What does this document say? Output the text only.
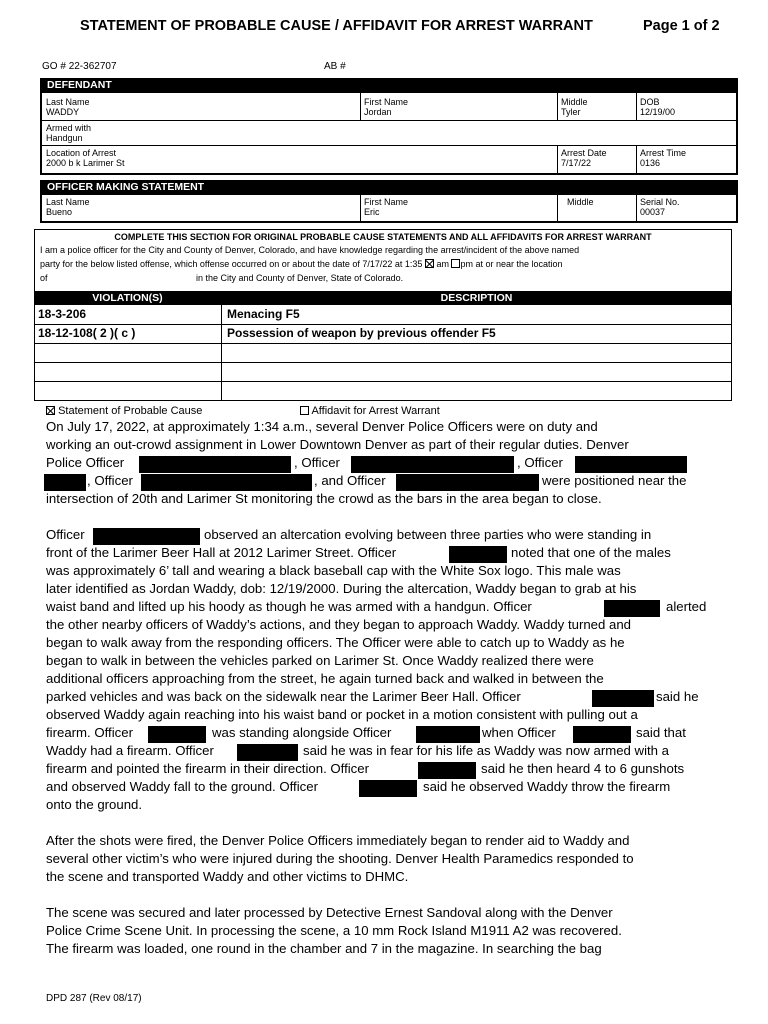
STATEMENT OF PROBABLE CAUSE / AFFIDAVIT FOR ARREST WARRANT	Page 1 of 2
GO # 22-362707	AB #
DEFENDANT
Last Name
WADDY
First Name
Jordan
Middle
Tyler
DOB
12/19/00
Armed with
Handgun
Location of Arrest
2000 b k Larimer St
Arrest Date
7/17/22
Arrest Time
0136
OFFICER MAKING STATEMENT
Last Name
Bueno
First Name
Eric
Middle	Serial No.
00037
COMPLETE THIS SECTION FOR ORIGINAL PROBABLE CAUSE STATEMENTS AND ALL AFFIDAVITS FOR ARREST WARRANT
I am a police officer for the City and County of Denver, Colorado, and have knowledge regarding the arrest/incident of the above named
party for the below listed offense, which offense occurred on or about the date of 7/17/22 at 1:35 am pm at or near the location
of	in the City and County of Denver, State of Colorado.
VIOLATION(S)	DESCRIPTION
18-3-206	Menacing F5
18-12-108( 2 )( c )	Possession of weapon by previous offender F5
Statement of Probable Cause	Affidavit for Arrest Warrant
On July 17, 2022, at approximately 1:34 a.m., several Denver Police Officers were on duty and
working an out-crowd assignment in Lower Downtown Denver as part of their regular duties. Denver
Police Officer	, Officer	, Officer
, Officer	, and Officer	were positioned near the
intersection of 20th and Larimer St monitoring the crowd as the bars in the area began to close.
Officer	observed an altercation evolving between three parties who were standing in
front of the Larimer Beer Hall at 2012 Larimer Street. Officer	noted that one of the males
was approximately 6’ tall and wearing a black baseball cap with the White Sox logo. This male was
later identified as Jordan Waddy, dob: 12/19/2000. During the altercation, Waddy began to grab at his
waist band and lifted up his hoody as though he was armed with a handgun. Officer	alerted
the other nearby officers of Waddy’s actions, and they began to approach Waddy. Waddy turned and
began to walk away from the responding officers. The Officer were able to catch up to Waddy as he
began to walk in between the vehicles parked on Larimer St. Once Waddy realized there were
additional officers approaching from the street, he again turned back and walked in between the
parked vehicles and was back on the sidewalk near the Larimer Beer Hall. Officer	said he
observed Waddy again reaching into his waist band or pocket in a motion consistent with pulling out a
firearm. Officer	was standing alongside Officer	when Officer	said that
Waddy had a firearm. Officer	said he was in fear for his life as Waddy was now armed with a
firearm and pointed the firearm in their direction. Officer	said he then heard 4 to 6 gunshots
and observed Waddy fall to the ground. Officer	said he observed Waddy throw the firearm
onto the ground.
After the shots were fired, the Denver Police Officers immediately began to render aid to Waddy and
several other victim’s who were injured during the shooting. Denver Health Paramedics responded to
the scene and transported Waddy and other victims to DHMC.
The scene was secured and later processed by Detective Ernest Sandoval along with the Denver
Police Crime Scene Unit. In processing the scene, a 10 mm Rock Island M1911 A2 was recovered.
The firearm was loaded, one round in the chamber and 7 in the magazine. In searching the bag
DPD 287 (Rev 08/17)
